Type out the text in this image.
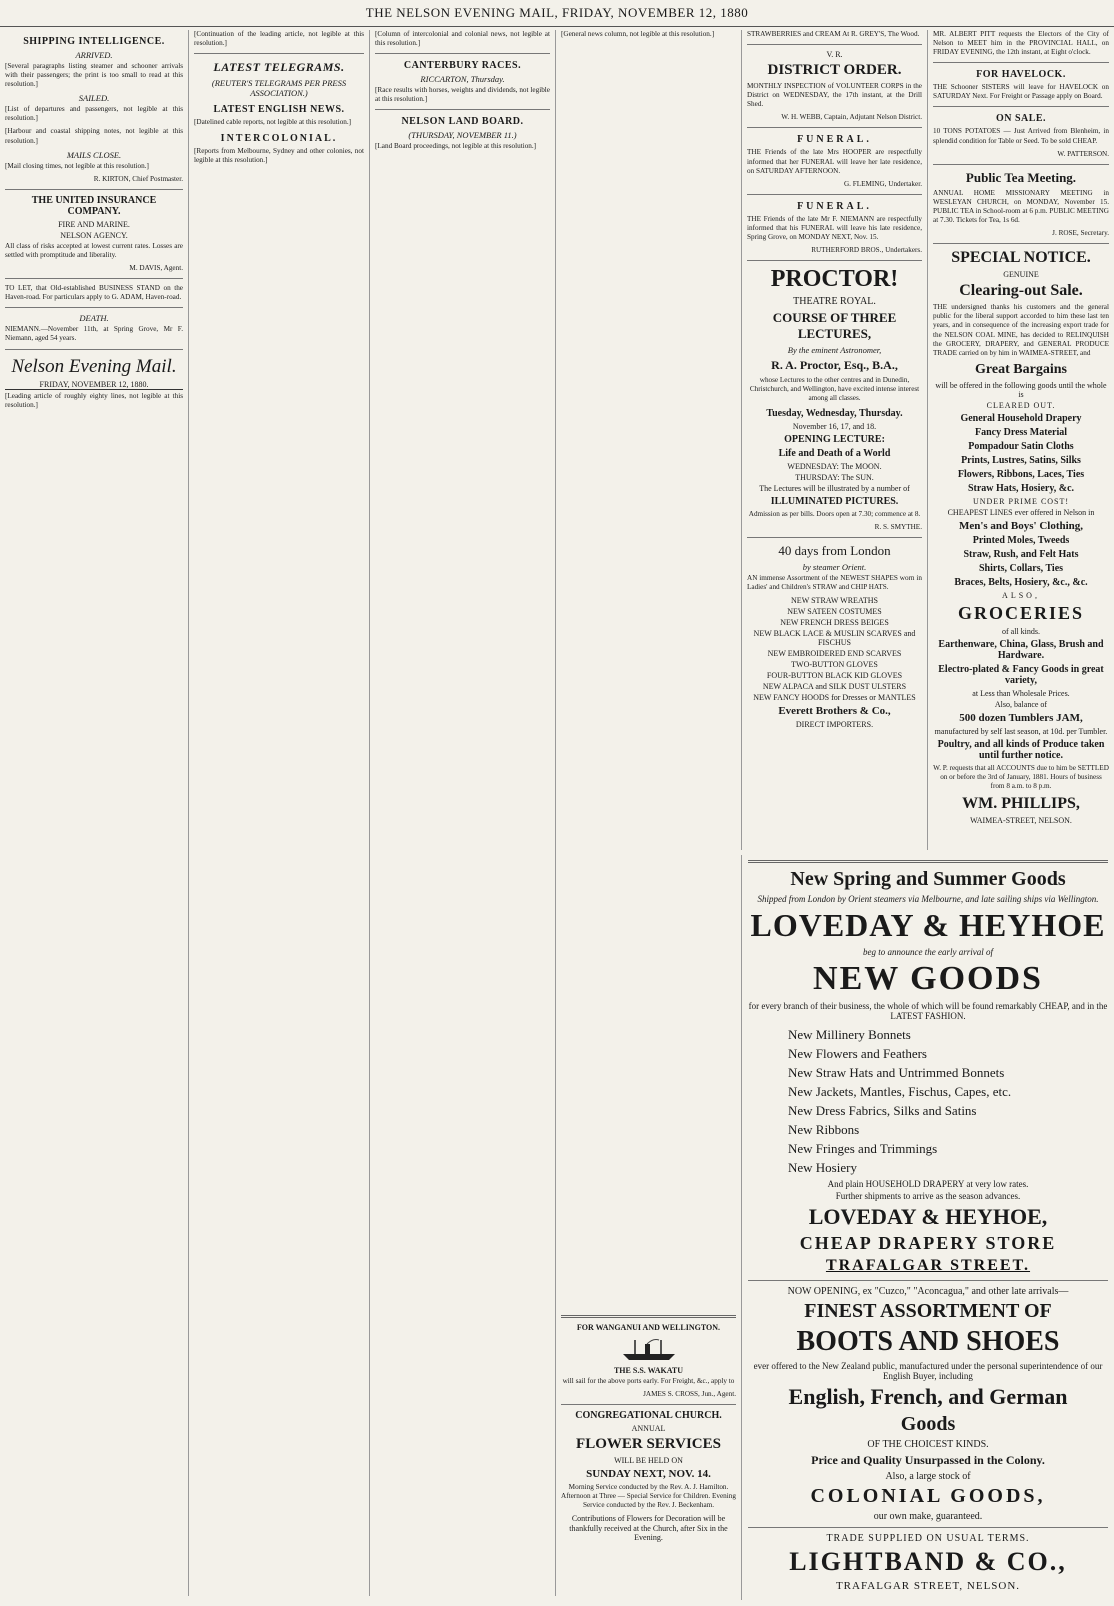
THE NELSON EVENING MAIL, FRIDAY, NOVEMBER 12, 1880
SHIPPING INTELLIGENCE.
ARRIVED.

[Several paragraphs listing steamer and schooner arrivals with their passengers; the print is too small to read at this resolution.]

SAILED.

[List of departures and passengers, not legible at this resolution.]

[Harbour and coastal shipping notes, not legible at this resolution.]

MAILS CLOSE.

[Mail closing times, not legible at this resolution.]

R. KIRTON, Chief Postmaster.

THE UNITED INSURANCE COMPANY.
FIRE AND MARINE.
NELSON AGENCY.

All class of risks accepted at lowest current rates. Losses are settled with promptitude and liberality.

M. DAVIS, Agent.

TO LET, that Old-established BUSINESS STAND on the Haven-road. For particulars apply to G. ADAM, Haven-road.

DEATH.

NIEMANN.—November 11th, at Spring Grove, Mr F. Niemann, aged 54 years.

Nelson Evening Mail.
FRIDAY, NOVEMBER 12, 1880.

[Leading article of roughly eighty lines, not legible at this resolution.]

[Continuation of the leading article, not legible at this resolution.]

LATEST TELEGRAMS.
(REUTER'S TELEGRAMS PER PRESS ASSOCIATION.)
LATEST ENGLISH NEWS.

[Datelined cable reports, not legible at this resolution.]

INTERCOLONIAL.

[Reports from Melbourne, Sydney and other colonies, not legible at this resolution.]

[Column of intercolonial and colonial news, not legible at this resolution.]

CANTERBURY RACES.
RICCARTON, Thursday.

[Race results with horses, weights and dividends, not legible at this resolution.]

NELSON LAND BOARD.
(THURSDAY, NOVEMBER 11.)

[Land Board proceedings, not legible at this resolution.]

[General news column, not legible at this resolution.]

FOR WANGANUI AND WELLINGTON.
THE S.S. WAKATU

will sail for the above ports early. For Freight, &c., apply to

JAMES S. CROSS, Jun., Agent.

CONGREGATIONAL CHURCH.
ANNUAL
FLOWER SERVICES
WILL BE HELD ON
SUNDAY NEXT, NOV. 14.

Morning Service conducted by the Rev. A. J. Hamilton. Afternoon at Three — Special Service for Children. Evening Service conducted by the Rev. J. Beckenham.

Contributions of Flowers for Decoration will be thankfully received at the Church, after Six in the Evening.

STRAWBERRIES and CREAM At R. GREY'S, The Wood.

V. R.
DISTRICT ORDER.

MONTHLY INSPECTION of VOLUNTEER CORPS in the District on WEDNESDAY, the 17th instant, at the Drill Shed.

W. H. WEBB, Captain, Adjutant Nelson District.

FUNERAL.

THE Friends of the late Mrs HOOPER are respectfully informed that her FUNERAL will leave her late residence, on SATURDAY AFTERNOON.

G. FLEMING, Undertaker.

FUNERAL.

THE Friends of the late Mr F. NIEMANN are respectfully informed that his FUNERAL will leave his late residence, Spring Grove, on MONDAY NEXT, Nov. 15.

RUTHERFORD BROS., Undertakers.

PROCTOR!
THEATRE ROYAL.
COURSE OF THREE LECTURES,
By the eminent Astronomer,
R. A. Proctor, Esq., B.A.,

whose Lectures to the other centres and in Dunedin, Christchurch, and Wellington, have excited intense interest among all classes.

Tuesday, Wednesday, Thursday.
November 16, 17, and 18.
OPENING LECTURE:
Life and Death of a World
WEDNESDAY: The MOON.
THURSDAY: The SUN.
The Lectures will be illustrated by a number of
ILLUMINATED PICTURES.

Admission as per bills. Doors open at 7.30; commence at 8.

R. S. SMYTHE.

40 days from London
by steamer Orient.

AN immense Assortment of the NEWEST SHAPES worn in Ladies' and Children's STRAW and CHIP HATS.

NEW STRAW WREATHS
NEW SATEEN COSTUMES
NEW FRENCH DRESS BEIGES
NEW BLACK LACE & MUSLIN SCARVES and FISCHUS
NEW EMBROIDERED END SCARVES
TWO-BUTTON GLOVES
FOUR-BUTTON BLACK KID GLOVES
NEW ALPACA and SILK DUST ULSTERS
NEW FANCY HOODS for Dresses or MANTLES
Everett Brothers & Co.,
DIRECT IMPORTERS.

MR. ALBERT PITT requests the Electors of the City of Nelson to MEET him in the PROVINCIAL HALL, on FRIDAY EVENING, the 12th instant, at Eight o'clock.

FOR HAVELOCK.

THE Schooner SISTERS will leave for HAVELOCK on SATURDAY Next. For Freight or Passage apply on Board.

ON SALE.

10 TONS POTATOES — Just Arrived from Blenheim, in splendid condition for Table or Seed. To be sold CHEAP.

W. PATTERSON.

Public Tea Meeting.

ANNUAL HOME MISSIONARY MEETING in WESLEYAN CHURCH, on MONDAY, November 15. PUBLIC TEA in School-room at 6 p.m. PUBLIC MEETING at 7.30. Tickets for Tea, 1s 6d.

J. ROSE, Secretary.

SPECIAL NOTICE.
GENUINE
Clearing-out Sale.

THE undersigned thanks his customers and the general public for the liberal support accorded to him these last ten years, and in consequence of the increasing export trade for the NELSON COAL MINE, has decided to RELINQUISH the GROCERY, DRAPERY, and GENERAL PRODUCE TRADE carried on by him in WAIMEA-STREET, and

Great Bargains
will be offered in the following goods until the whole is
CLEARED OUT.
General Household Drapery
Fancy Dress Material
Pompadour Satin Cloths
Prints, Lustres, Satins, Silks
Flowers, Ribbons, Laces, Ties
Straw Hats, Hosiery, &c.
UNDER PRIME COST!
CHEAPEST LINES ever offered in Nelson in
Men's and Boys' Clothing,
Printed Moles, Tweeds
Straw, Rush, and Felt Hats
Shirts, Collars, Ties
Braces, Belts, Hosiery, &c., &c.
ALSO,
GROCERIES
of all kinds.
Earthenware, China, Glass, Brush and Hardware.
Electro-plated & Fancy Goods in great variety,
at Less than Wholesale Prices.
Also, balance of
500 dozen Tumblers JAM,
manufactured by self last season, at 10d. per Tumbler.
Poultry, and all kinds of Produce taken until further notice.

W. P. requests that all ACCOUNTS due to him be SETTLED on or before the 3rd of January, 1881. Hours of business from 8 a.m. to 8 p.m.

WM. PHILLIPS,
WAIMEA-STREET, NELSON.
New Spring and Summer Goods
Shipped from London by Orient steamers via Melbourne, and late sailing ships via Wellington.
LOVEDAY & HEYHOE
beg to announce the early arrival of
NEW GOODS
for every branch of their business, the whole of which will be found remarkably CHEAP, and in the LATEST FASHION.
New Millinery Bonnets
New Flowers and Feathers
New Straw Hats and Untrimmed Bonnets
New Jackets, Mantles, Fischus, Capes, etc.
New Dress Fabrics, Silks and Satins
New Ribbons
New Fringes and Trimmings
New Hosiery
And plain HOUSEHOLD DRAPERY at very low rates.
Further shipments to arrive as the season advances.
LOVEDAY & HEYHOE,
CHEAP DRAPERY STORE
TRAFALGAR STREET.
NOW OPENING, ex "Cuzco," "Aconcagua," and other late arrivals—
FINEST ASSORTMENT OF
BOOTS AND SHOES
ever offered to the New Zealand public, manufactured under the personal superintendence of our English Buyer, including
English, French, and German
Goods
OF THE CHOICEST KINDS.
Price and Quality Unsurpassed in the Colony.
Also, a large stock of
COLONIAL GOODS,
our own make, guaranteed.
TRADE SUPPLIED ON USUAL TERMS.
LIGHTBAND & CO.,
TRAFALGAR STREET, NELSON.
